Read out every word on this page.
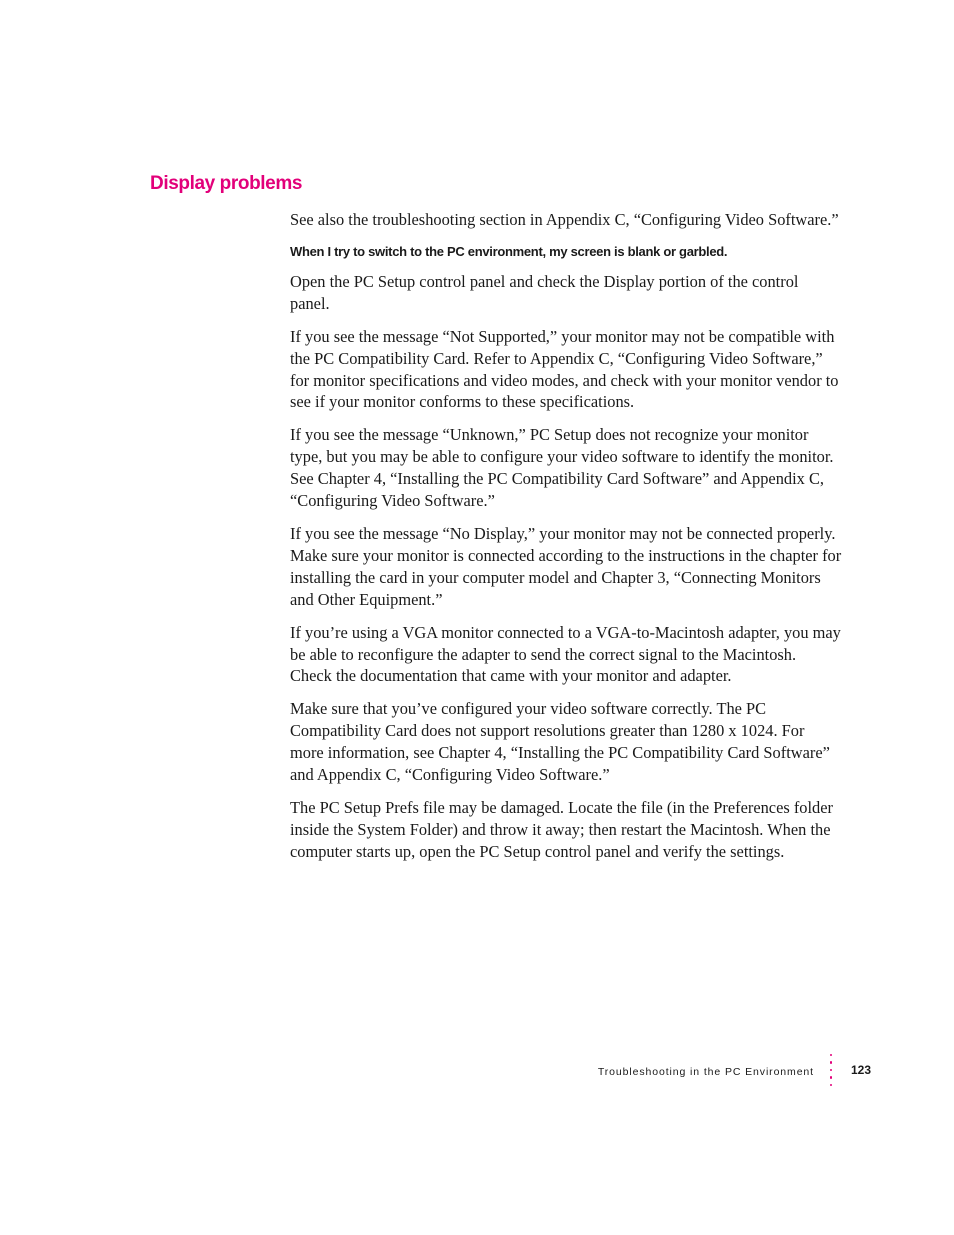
Display problems

See also the troubleshooting section in Appendix C, “Configuring Video Software.”

When I try to switch to the PC environment, my screen is blank or garbled.

Open the PC Setup control panel and check the Display portion of the control panel.

If you see the message “Not Supported,” your monitor may not be compatible with the PC Compatibility Card. Refer to Appendix C, “Configuring Video Software,” for monitor specifications and video modes, and check with your monitor vendor to see if your monitor conforms to these specifications.

If you see the message “Unknown,” PC Setup does not recognize your monitor type, but you may be able to configure your video software to identify the monitor. See Chapter 4, “Installing the PC Compatibility Card Software” and Appendix C, “Configuring Video Software.”

If you see the message “No Display,” your monitor may not be connected properly. Make sure your monitor is connected according to the instructions in the chapter for installing the card in your computer model and Chapter 3, “Connecting Monitors and Other Equipment.”

If you’re using a VGA monitor connected to a VGA-to-Macintosh adapter, you may be able to reconfigure the adapter to send the correct signal to the Macintosh. Check the documentation that came with your monitor and adapter.

Make sure that you’ve configured your video software correctly. The PC Compatibility Card does not support resolutions greater than 1280 x 1024. For more information, see Chapter 4, “Installing the PC Compatibility Card Software” and Appendix C, “Configuring Video Software.”

The PC Setup Prefs file may be damaged. Locate the file (in the Preferences folder inside the System Folder) and throw it away; then restart the Macintosh. When the computer starts up, open the PC Setup control panel and verify the settings.

Troubleshooting in the PC Environment	123
